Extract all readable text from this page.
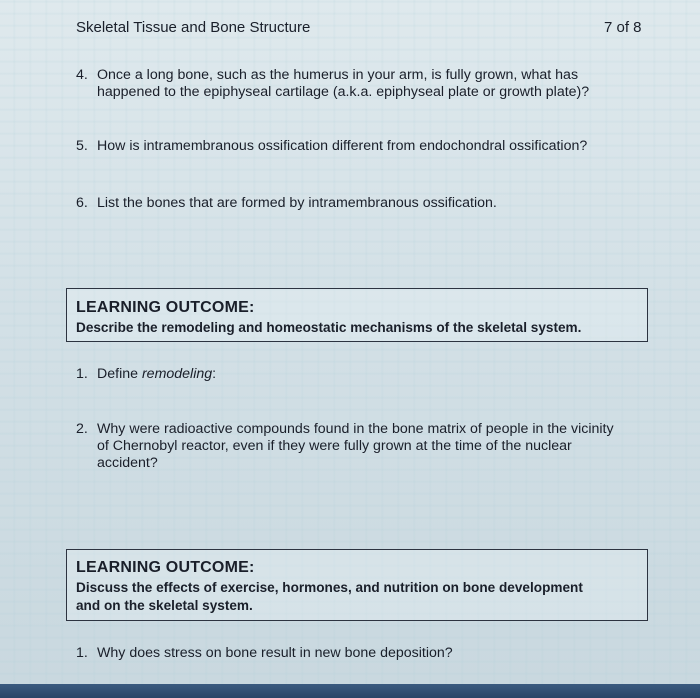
Skeletal Tissue and Bone Structure	7 of 8
4. Once a long bone, such as the humerus in your arm, is fully grown, what has
happened to the epiphyseal cartilage (a.k.a. epiphyseal plate or growth plate)?
5. How is intramembranous ossification different from endochondral ossification?
6. List the bones that are formed by intramembranous ossification.
LEARNING OUTCOME:
Describe the remodeling and homeostatic mechanisms of the skeletal system.
1. Define remodeling:
2. Why were radioactive compounds found in the bone matrix of people in the vicinity
of Chernobyl reactor, even if they were fully grown at the time of the nuclear
accident?
LEARNING OUTCOME:
Discuss the effects of exercise, hormones, and nutrition on bone development
and on the skeletal system.
1. Why does stress on bone result in new bone deposition?
